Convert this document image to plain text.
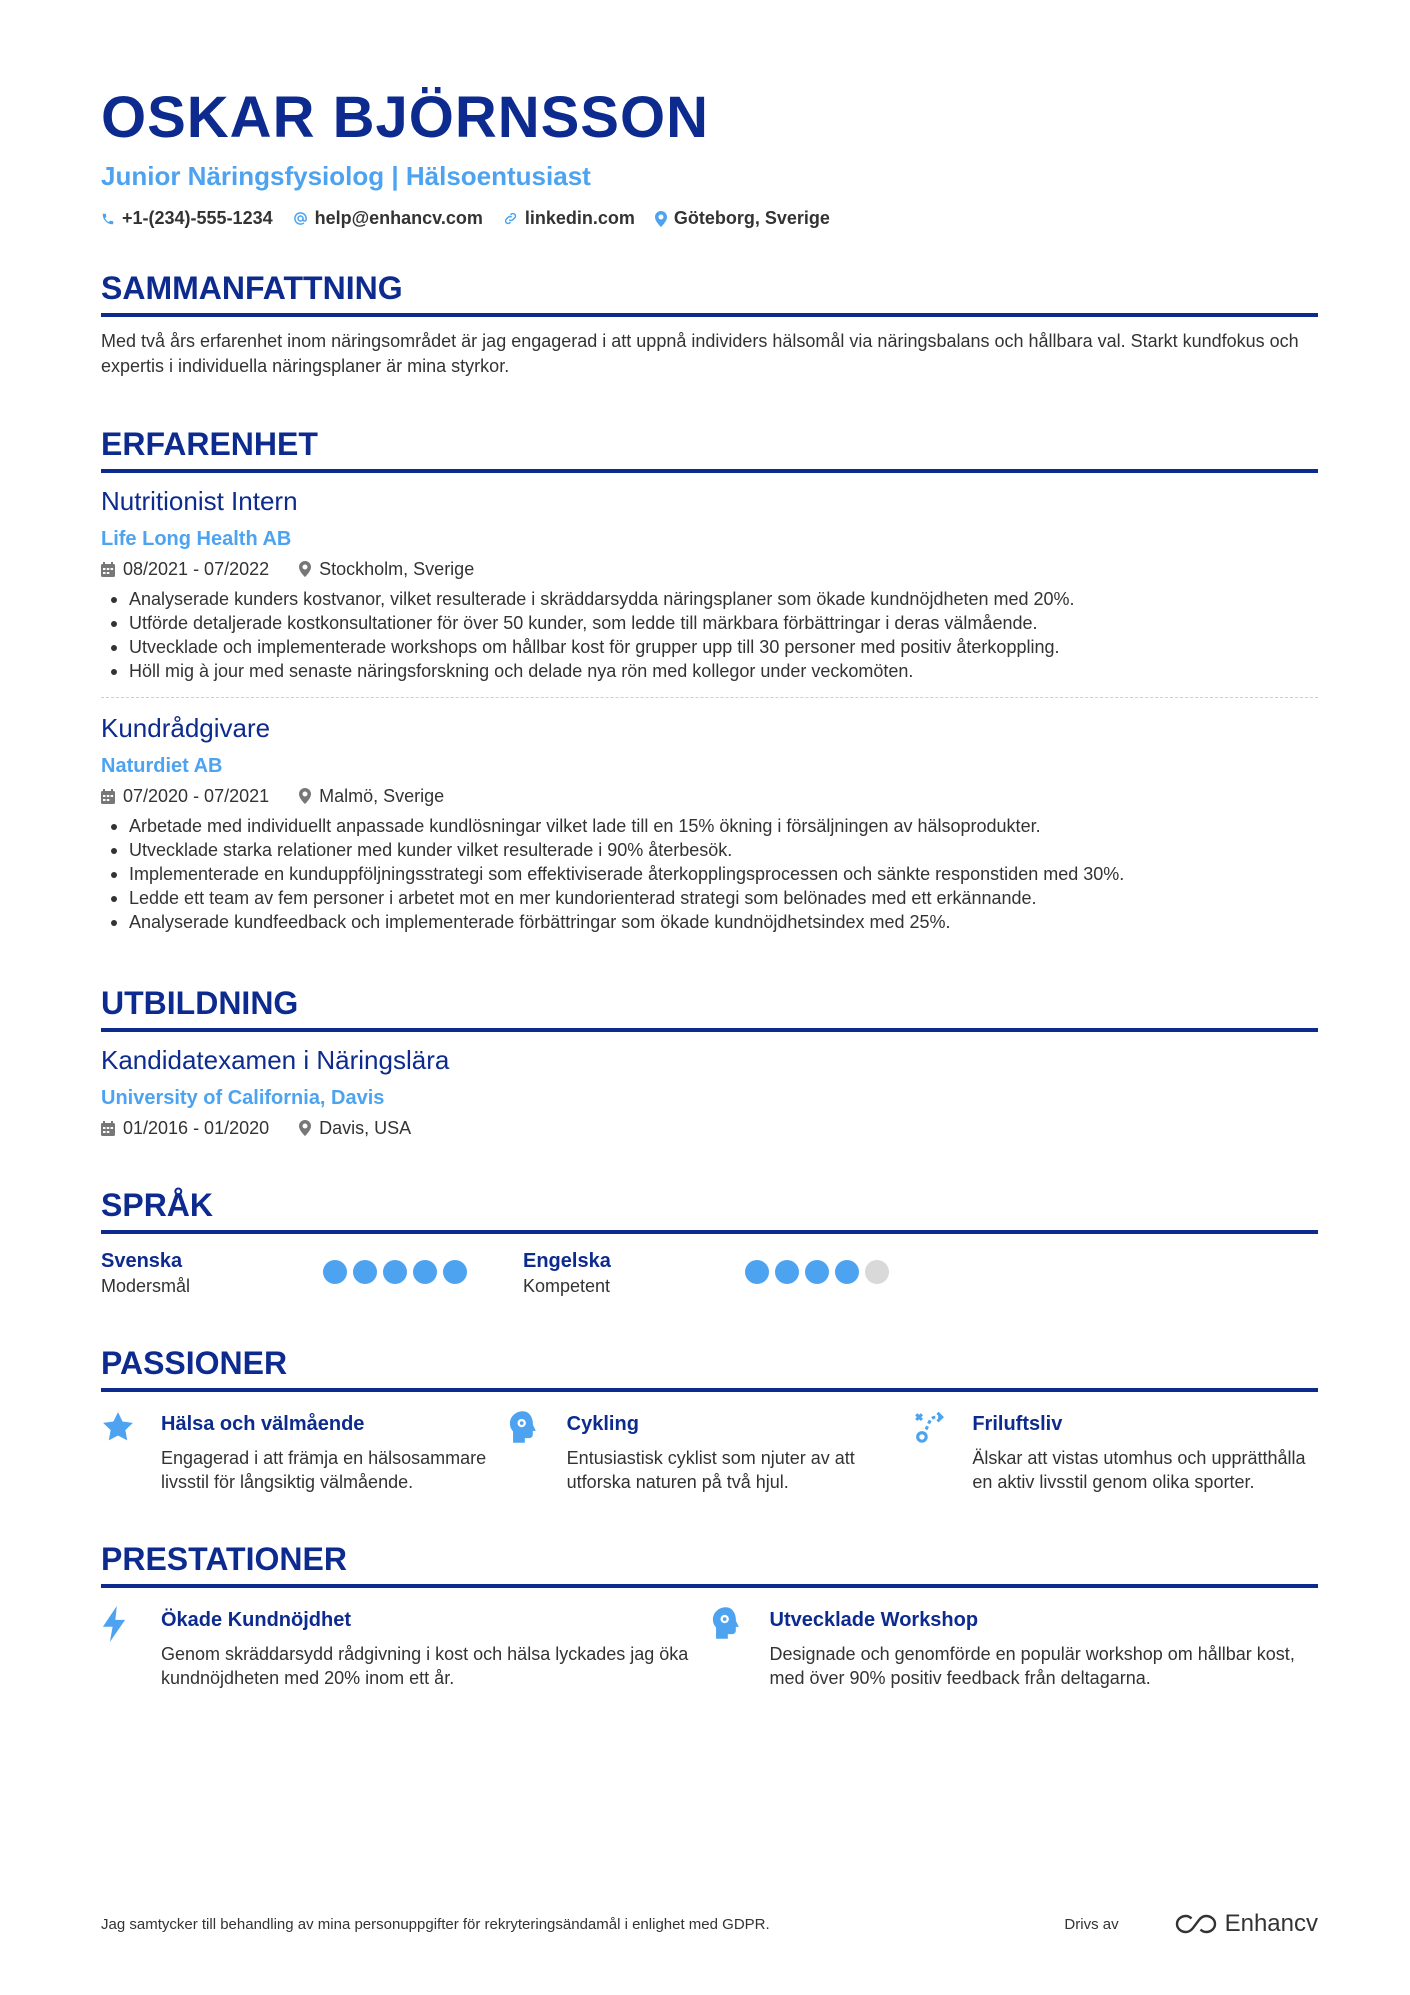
OSKAR BJÖRNSSON
Junior Näringsfysiolog | Hälsoentusiast
+1-(234)-555-1234 help@enhancv.com linkedin.com Göteborg, Sverige
SAMMANFATTNING
Med två års erfarenhet inom näringsområdet är jag engagerad i att uppnå individers hälsomål via näringsbalans och hållbara val. Starkt kundfokus och expertis i individuella näringsplaner är mina styrkor.
ERFARENHET
Nutritionist Intern
Life Long Health AB
08/2021 - 07/2022	Stockholm, Sverige
Analyserade kunders kostvanor, vilket resulterade i skräddarsydda näringsplaner som ökade kundnöjdheten med 20%.
Utförde detaljerade kostkonsultationer för över 50 kunder, som ledde till märkbara förbättringar i deras välmående.
Utvecklade och implementerade workshops om hållbar kost för grupper upp till 30 personer med positiv återkoppling.
Höll mig à jour med senaste näringsforskning och delade nya rön med kollegor under veckomöten.
Kundrådgivare
Naturdiet AB
07/2020 - 07/2021	Malmö, Sverige
Arbetade med individuellt anpassade kundlösningar vilket lade till en 15% ökning i försäljningen av hälsoprodukter.
Utvecklade starka relationer med kunder vilket resulterade i 90% återbesök.
Implementerade en kunduppföljningsstrategi som effektiviserade återkopplingsprocessen och sänkte responstiden med 30%.
Ledde ett team av fem personer i arbetet mot en mer kundorienterad strategi som belönades med ett erkännande.
Analyserade kundfeedback och implementerade förbättringar som ökade kundnöjdhetsindex med 25%.
UTBILDNING
Kandidatexamen i Näringslära
University of California, Davis
01/2016 - 01/2020	Davis, USA
SPRÅK
Svenska
Modersmål
Engelska
Kompetent
PASSIONER
Hälsa och välmående
Engagerad i att främja en hälsosammare livsstil för långsiktig välmående.
Cykling
Entusiastisk cyklist som njuter av att utforska naturen på två hjul.
Friluftsliv
Älskar att vistas utomhus och upprätthålla en aktiv livsstil genom olika sporter.
PRESTATIONER
Ökade Kundnöjdhet
Genom skräddarsydd rådgivning i kost och hälsa lyckades jag öka kundnöjdheten med 20% inom ett år.
Utvecklade Workshop
Designade och genomförde en populär workshop om hållbar kost, med över 90% positiv feedback från deltagarna.
Jag samtycker till behandling av mina personuppgifter för rekryteringsändamål i enlighet med GDPR.	Drivs av	Enhancv
